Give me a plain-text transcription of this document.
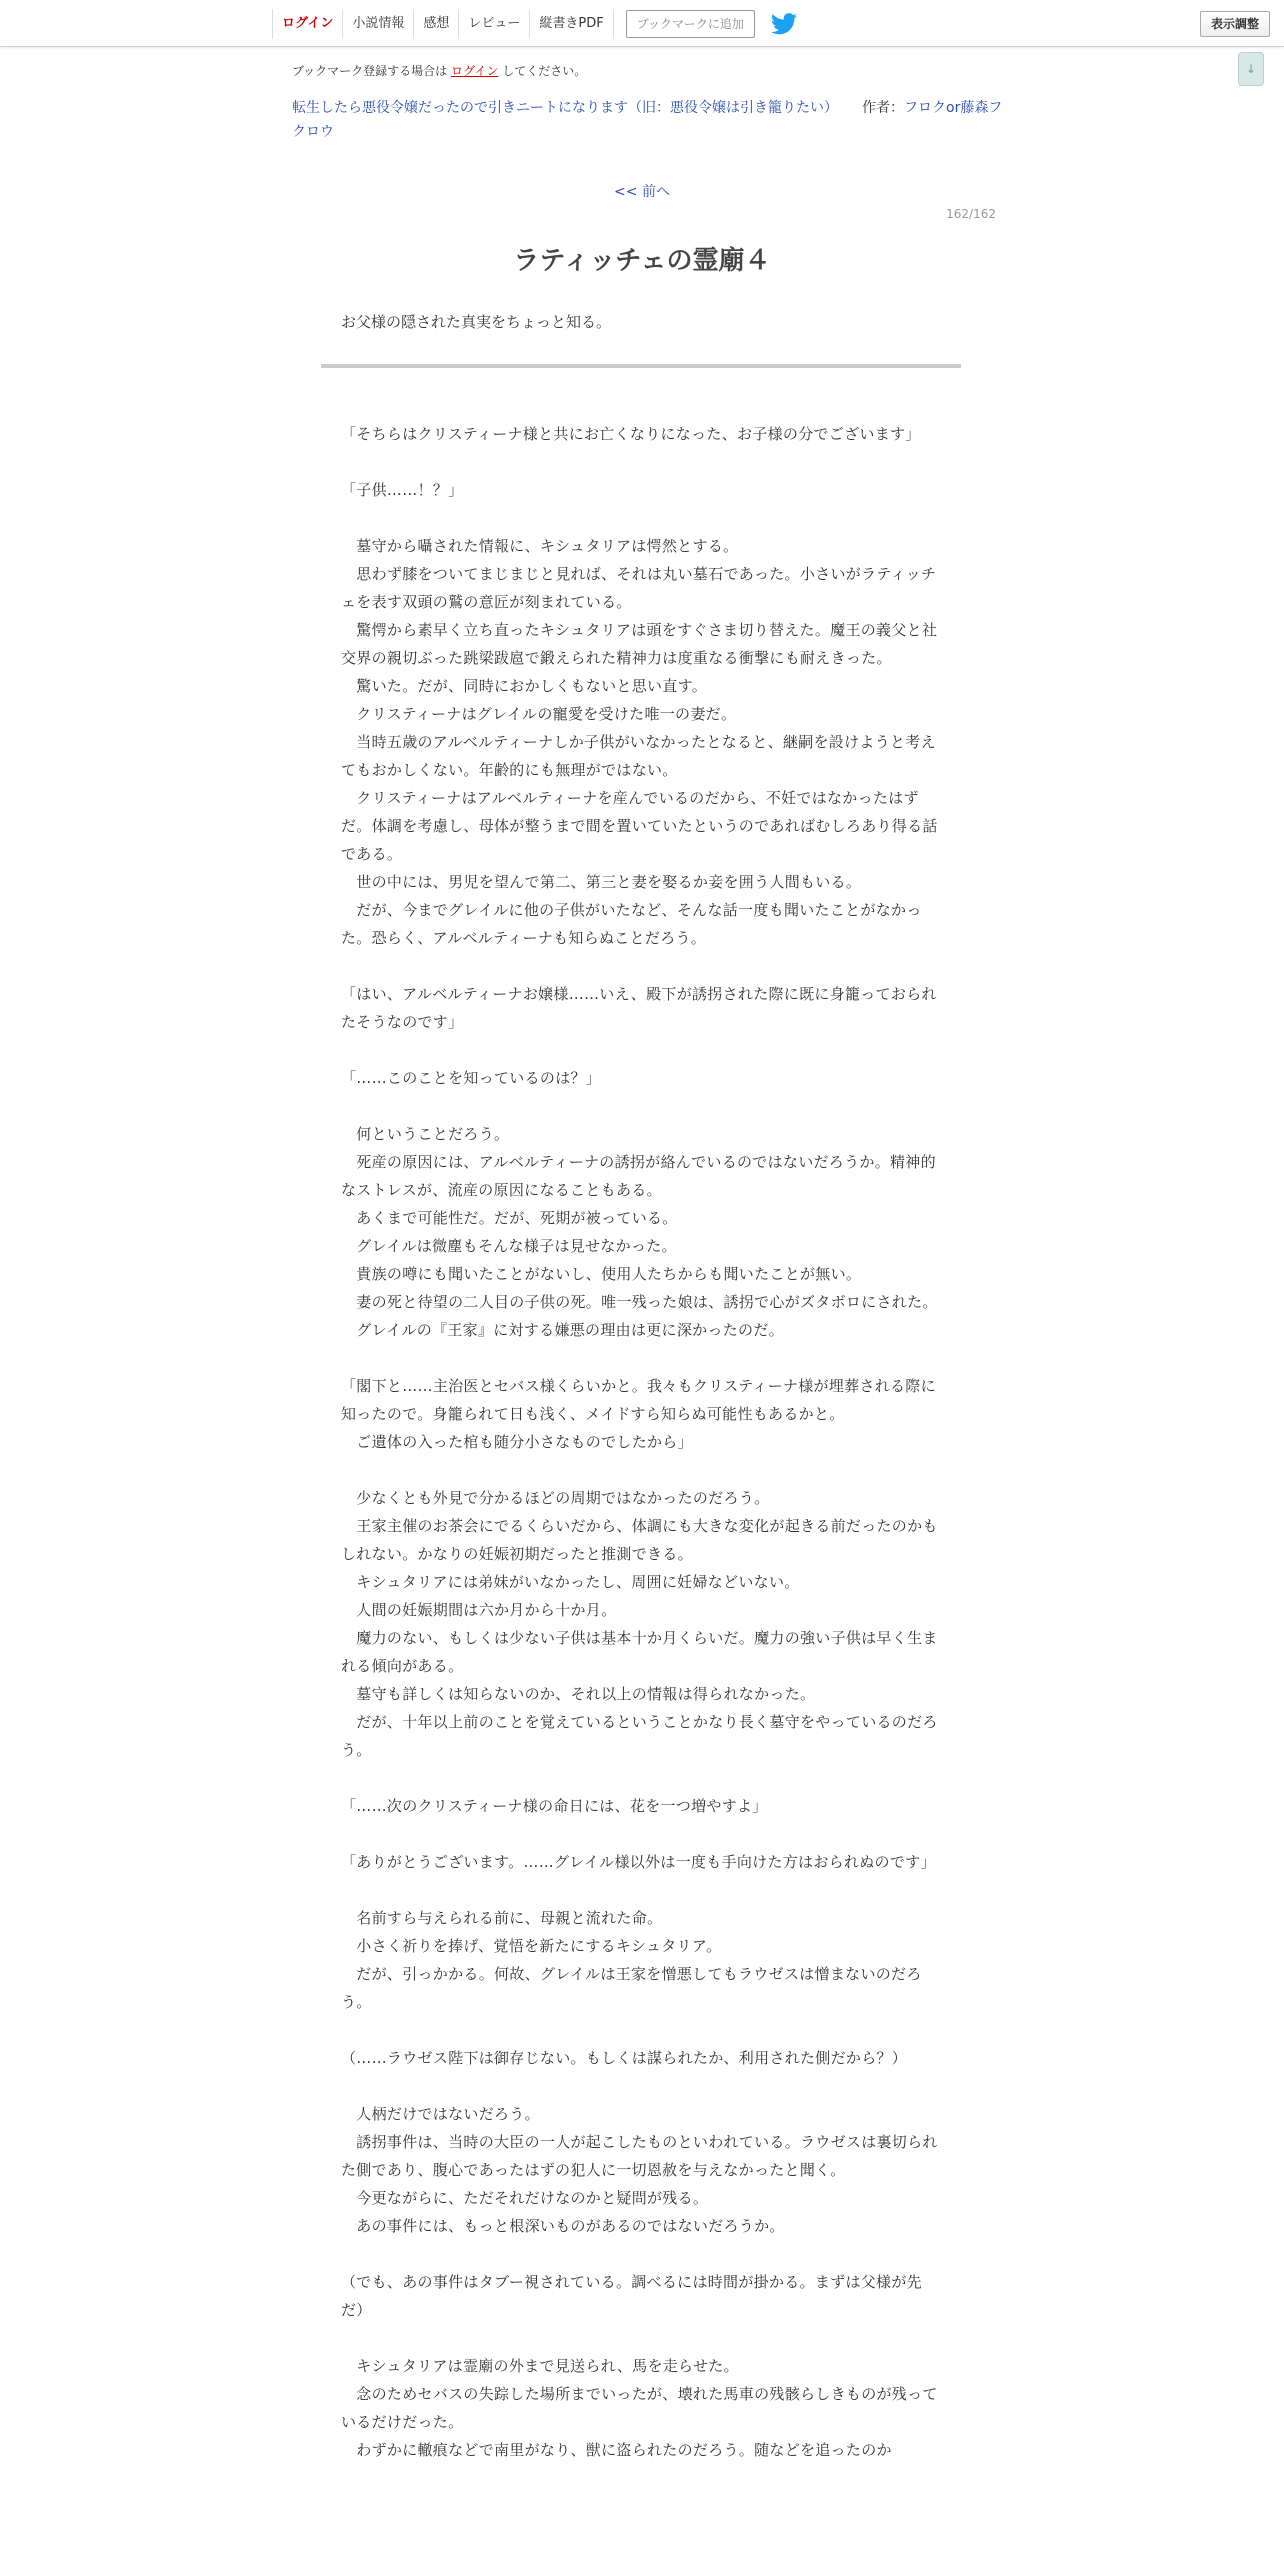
ログイン	小説情報	感想	レビュー	縦書きPDF	ブックマークに追加	表示調整
↓
ブックマーク登録する場合は ログイン してください。
転生したら悪役令嬢だったので引きニートになります（旧：悪役令嬢は引き籠りたい） 作者：フロクor藤森フクロウ
<< 前へ
162/162
ラティッチェの霊廟４
お父様の隠された真実をちょっと知る。

「そちらはクリスティーナ様と共にお亡くなりになった、お子様の分でございます」

「子供……！？」

　墓守から囁された情報に、キシュタリアは愕然とする。

　思わず膝をついてまじまじと見れば、それは丸い墓石であった。小さいがラティッチェを表す双頭の鷲の意匠が刻まれている。

　驚愕から素早く立ち直ったキシュタリアは頭をすぐさま切り替えた。魔王の義父と社交界の親切ぶった跳梁跋扈で鍛えられた精神力は度重なる衝撃にも耐えきった。

　驚いた。だが、同時におかしくもないと思い直す。

　クリスティーナはグレイルの寵愛を受けた唯一の妻だ。

　当時五歳のアルベルティーナしか子供がいなかったとなると、継嗣を設けようと考えてもおかしくない。年齢的にも無理がではない。

　クリスティーナはアルベルティーナを産んでいるのだから、不妊ではなかったはずだ。体調を考慮し、母体が整うまで間を置いていたというのであればむしろあり得る話である。

　世の中には、男児を望んで第二、第三と妻を娶るか妾を囲う人間もいる。

　だが、今までグレイルに他の子供がいたなど、そんな話一度も聞いたことがなかった。恐らく、アルベルティーナも知らぬことだろう。

「はい、アルベルティーナお嬢様……いえ、殿下が誘拐された際に既に身籠っておられたそうなのです」

「……このことを知っているのは？」

　何ということだろう。

　死産の原因には、アルベルティーナの誘拐が絡んでいるのではないだろうか。精神的なストレスが、流産の原因になることもある。

　あくまで可能性だ。だが、死期が被っている。

　グレイルは微塵もそんな様子は見せなかった。

　貴族の噂にも聞いたことがないし、使用人たちからも聞いたことが無い。

　妻の死と待望の二人目の子供の死。唯一残った娘は、誘拐で心がズタボロにされた。

　グレイルの『王家』に対する嫌悪の理由は更に深かったのだ。

「閣下と……主治医とセバス様くらいかと。我々もクリスティーナ様が埋葬される際に知ったので。身籠られて日も浅く、メイドすら知らぬ可能性もあるかと。

　ご遺体の入った棺も随分小さなものでしたから」

　少なくとも外見で分かるほどの周期ではなかったのだろう。

　王家主催のお茶会にでるくらいだから、体調にも大きな変化が起きる前だったのかもしれない。かなりの妊娠初期だったと推測できる。

　キシュタリアには弟妹がいなかったし、周囲に妊婦などいない。

　人間の妊娠期間は六か月から十か月。

　魔力のない、もしくは少ない子供は基本十か月くらいだ。魔力の強い子供は早く生まれる傾向がある。

　墓守も詳しくは知らないのか、それ以上の情報は得られなかった。

　だが、十年以上前のことを覚えているということかなり長く墓守をやっているのだろう。

「……次のクリスティーナ様の命日には、花を一つ増やすよ」

「ありがとうございます。……グレイル様以外は一度も手向けた方はおられぬのです」

　名前すら与えられる前に、母親と流れた命。

　小さく祈りを捧げ、覚悟を新たにするキシュタリア。

　だが、引っかかる。何故、グレイルは王家を憎悪してもラウゼスは憎まないのだろう。

（……ラウゼス陛下は御存じない。もしくは謀られたか、利用された側だから？）

　人柄だけではないだろう。

　誘拐事件は、当時の大臣の一人が起こしたものといわれている。ラウゼスは裏切られた側であり、腹心であったはずの犯人に一切恩赦を与えなかったと聞く。

　今更ながらに、ただそれだけなのかと疑問が残る。

　あの事件には、もっと根深いものがあるのではないだろうか。

（でも、あの事件はタブー視されている。調べるには時間が掛かる。まずは父様が先だ）

　キシュタリアは霊廟の外まで見送られ、馬を走らせた。

　念のためセバスの失踪した場所までいったが、壊れた馬車の残骸らしきものが残っているだけだった。

　わずかに轍痕などで南里がなり、獣に盗られたのだろう。随などを追ったのか
